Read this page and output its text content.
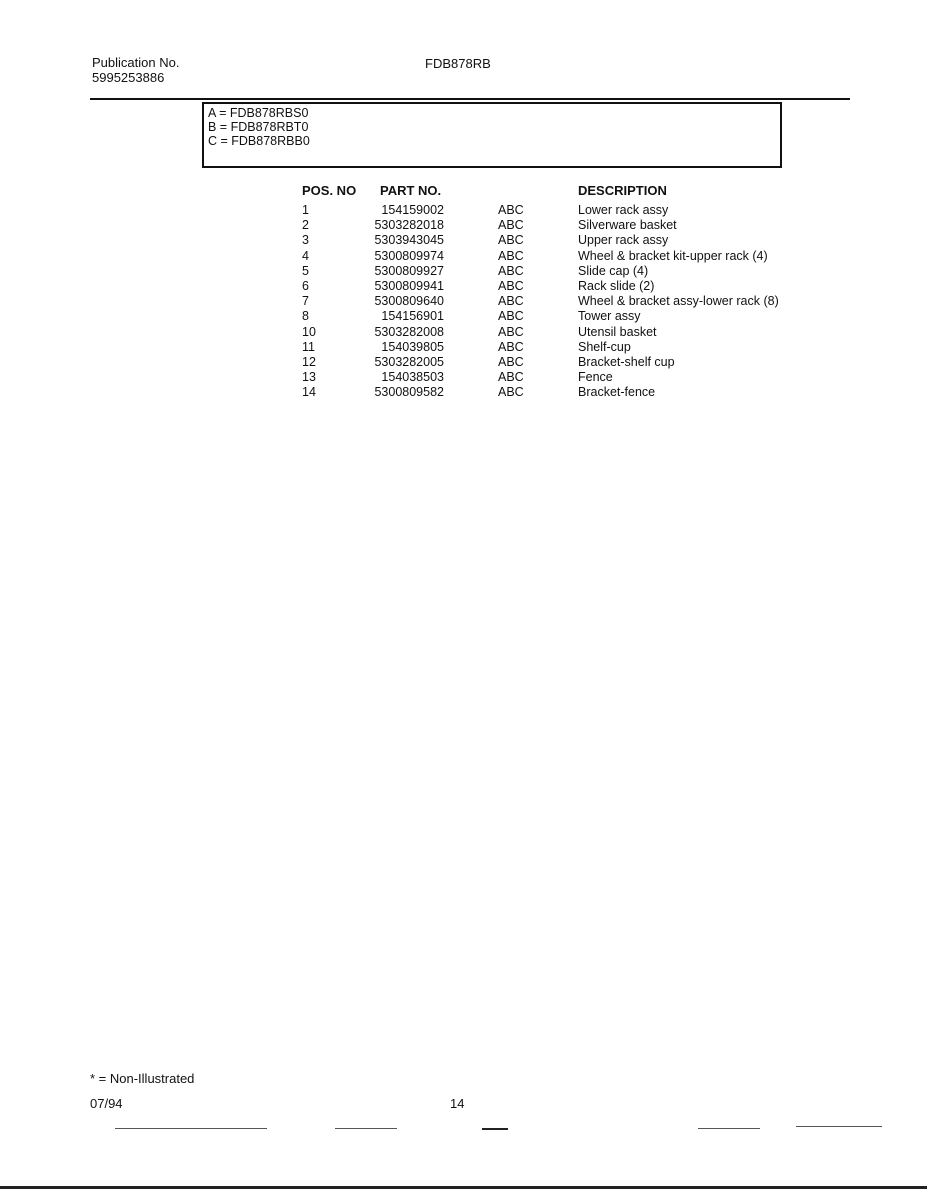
Publication No.
5995253886
FDB878RB
A = FDB878RBS0
B = FDB878RBT0
C = FDB878RBB0
POS. NO PART NO.	DESCRIPTION
1	154159002	ABC	Lower rack assy
2	5303282018	ABC	Silverware basket
3	5303943045	ABC	Upper rack assy
4	5300809974	ABC	Wheel & bracket kit-upper rack (4)
5	5300809927	ABC	Slide cap (4)
6	5300809941	ABC	Rack slide (2)
7	5300809640	ABC	Wheel & bracket assy-lower rack (8)
8	154156901	ABC	Tower assy
10	5303282008	ABC	Utensil basket
11	154039805	ABC	Shelf-cup
12	5303282005	ABC	Bracket-shelf cup
13	154038503	ABC	Fence
14	5300809582	ABC	Bracket-fence
* = Non-Illustrated
07/94	14
